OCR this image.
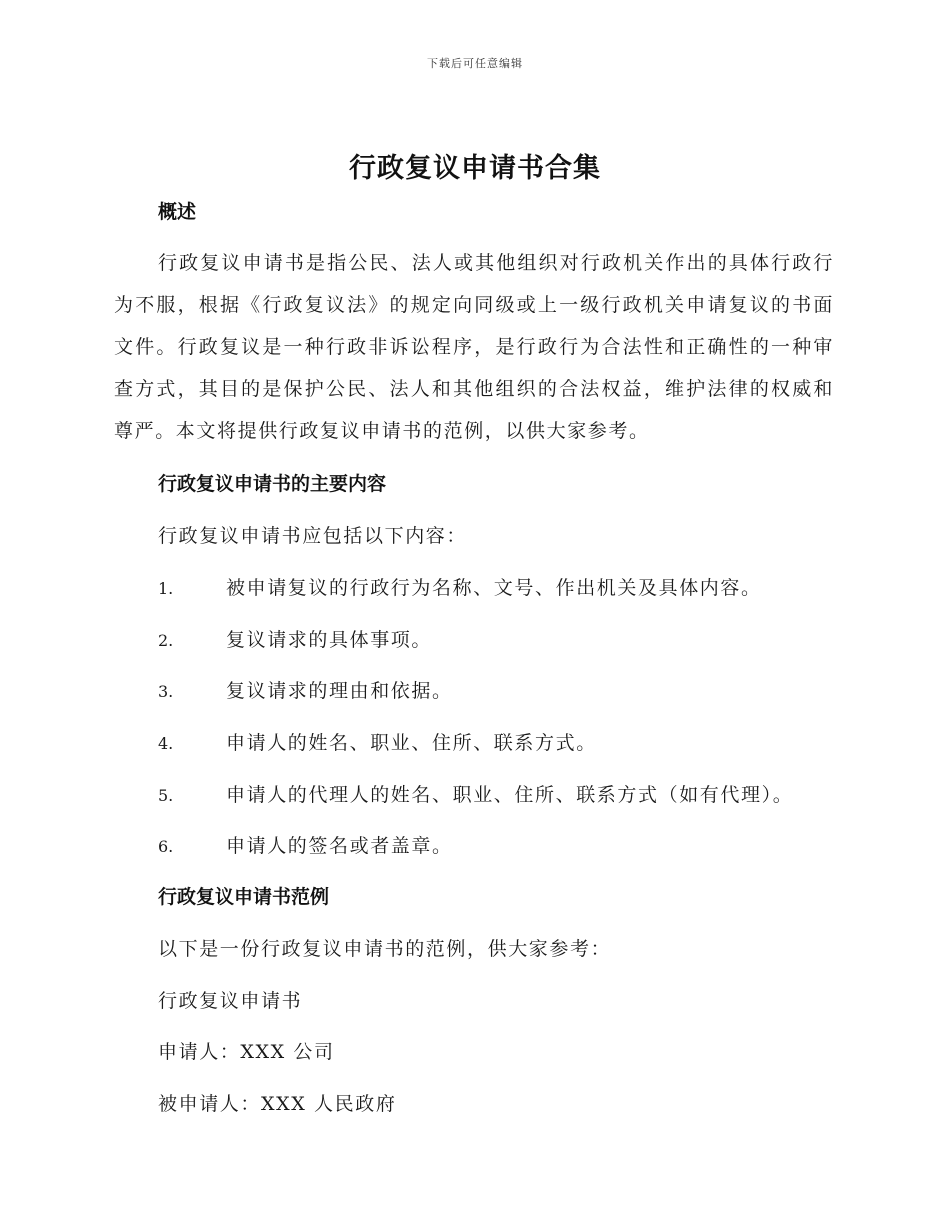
下载后可任意编辑
行政复议申请书合集
概述
行政复议申请书是指公民、法人或其他组织对行政机关作出的具体行政行为不服，根据《行政复议法》的规定向同级或上一级行政机关申请复议的书面文件。行政复议是一种行政非诉讼程序，是行政行为合法性和正确性的一种审查方式，其目的是保护公民、法人和其他组织的合法权益，维护法律的权威和尊严。本文将提供行政复议申请书的范例，以供大家参考。
行政复议申请书的主要内容
行政复议申请书应包括以下内容：
1.	被申请复议的行政行为名称、文号、作出机关及具体内容。
2.	复议请求的具体事项。
3.	复议请求的理由和依据。
4.	申请人的姓名、职业、住所、联系方式。
5.	申请人的代理人的姓名、职业、住所、联系方式（如有代理）。
6.	申请人的签名或者盖章。
行政复议申请书范例
以下是一份行政复议申请书的范例，供大家参考：
行政复议申请书
申请人：XXX 公司
被申请人：XXX 人民政府
